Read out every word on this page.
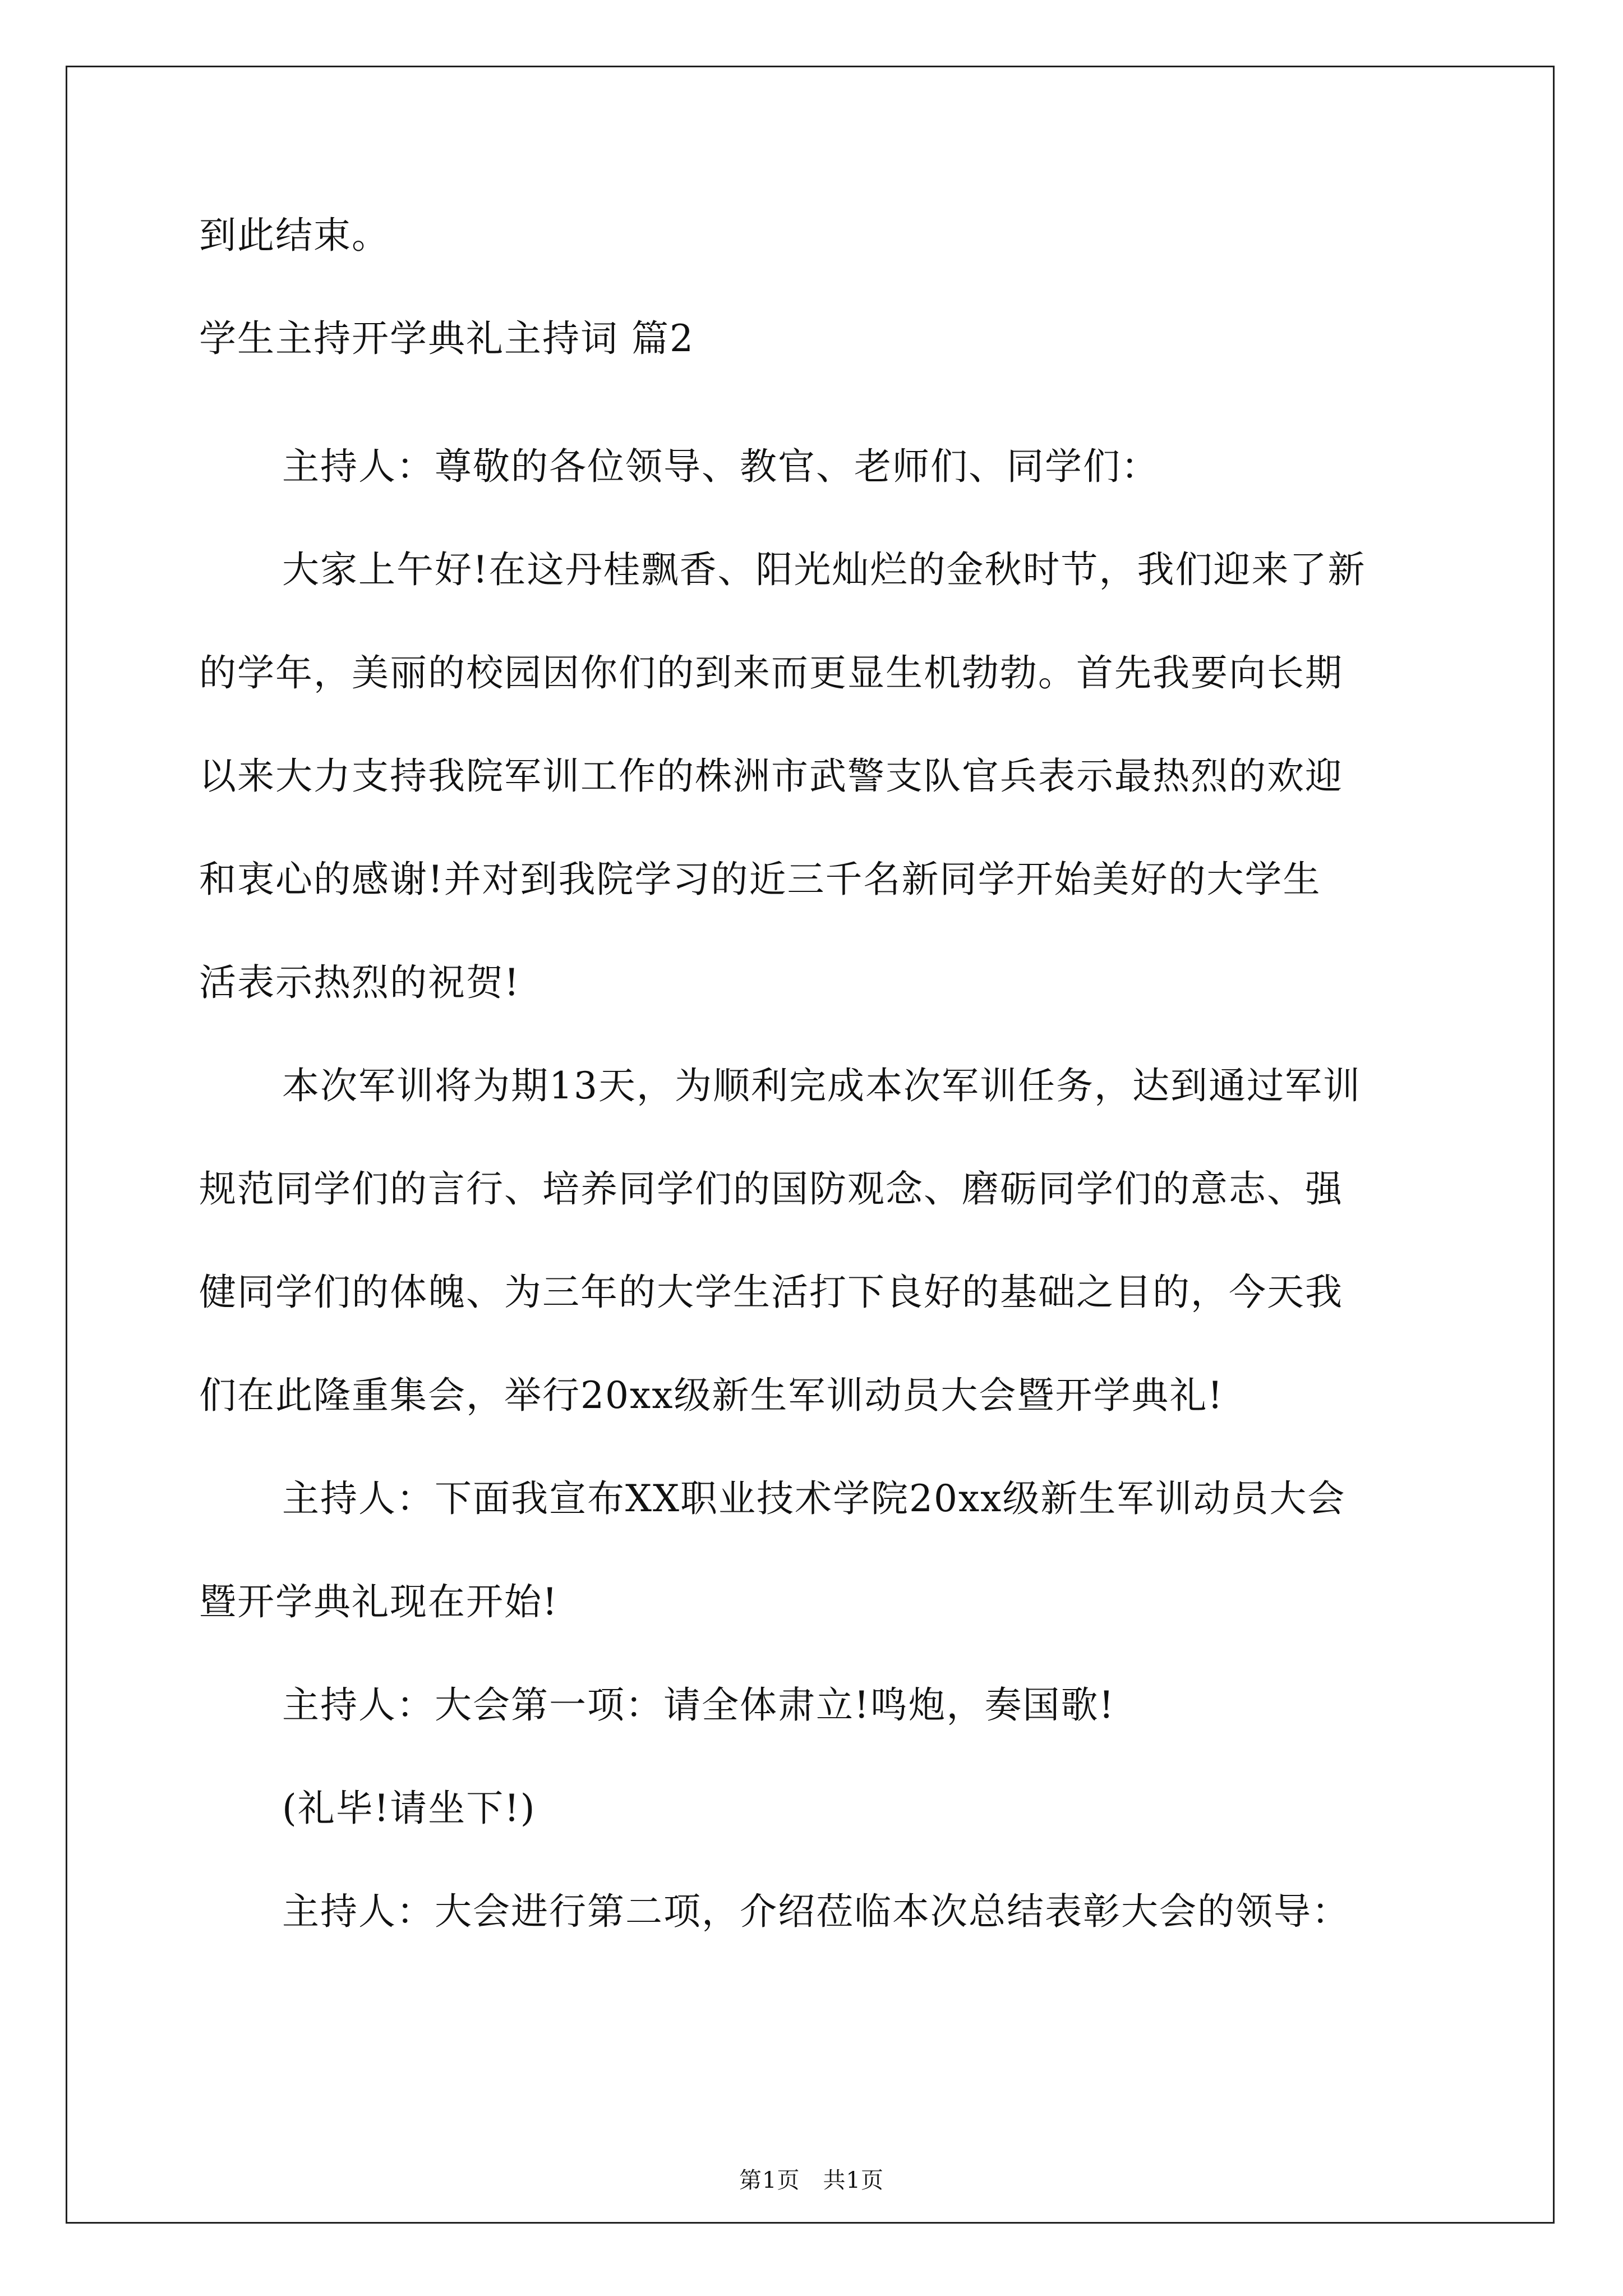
到此结束。
学生主持开学典礼主持词 篇2
主持人：尊敬的各位领导、教官、老师们、同学们：
大家上午好!在这丹桂飘香、阳光灿烂的金秋时节，我们迎来了新
的学年，美丽的校园因你们的到来而更显生机勃勃。首先我要向长期
以来大力支持我院军训工作的株洲市武警支队官兵表示最热烈的欢迎
和衷心的感谢!并对到我院学习的近三千名新同学开始美好的大学生
活表示热烈的祝贺!
本次军训将为期13天，为顺利完成本次军训任务，达到通过军训
规范同学们的言行、培养同学们的国防观念、磨砺同学们的意志、强
健同学们的体魄、为三年的大学生活打下良好的基础之目的，今天我
们在此隆重集会，举行20xx级新生军训动员大会暨开学典礼!
主持人：下面我宣布XX职业技术学院20xx级新生军训动员大会
暨开学典礼现在开始!
主持人：大会第一项：请全体肃立!鸣炮，奏国歌!
(礼毕!请坐下!)
主持人：大会进行第二项，介绍莅临本次总结表彰大会的领导：
第1页　共1页
